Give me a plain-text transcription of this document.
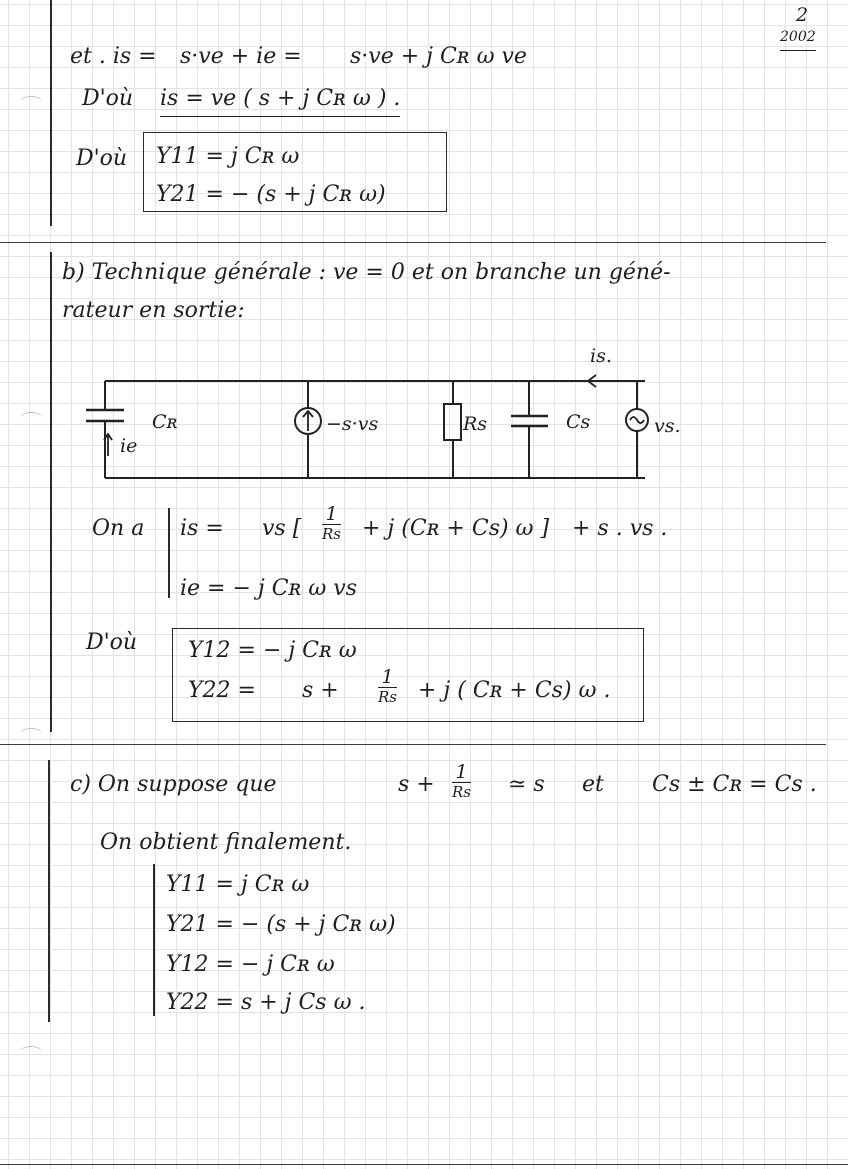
2
2002
et . is = s·ve + ie = s·ve + j Cʀ ω ve
D'où is = ve ( s + j Cʀ ω ) .
D'où Y11 = j Cʀ ω
Y21 = − (s + j Cʀ ω)
b) Technique générale : ve = 0 et on branche un géné-
rateur en sortie:
is.
Cʀ
ie
−s·vs	Rs	Cs	vs.
On a is = vs [
1
Rs + j (Cʀ + Cs) ω ] + s . vs .
ie = − j Cʀ ω vs
D'où Y12 = − j Cʀ ω
Y22 = s +
1
Rs + j ( Cʀ + Cs) ω .
c) On suppose que	s + 1
Rs ≃ s et Cs ± Cʀ = Cs .
On obtient finalement.
Y11 = j Cʀ ω
Y21 = − (s + j Cʀ ω)
Y12 = − j Cʀ ω
Y22 = s + j Cs ω .
